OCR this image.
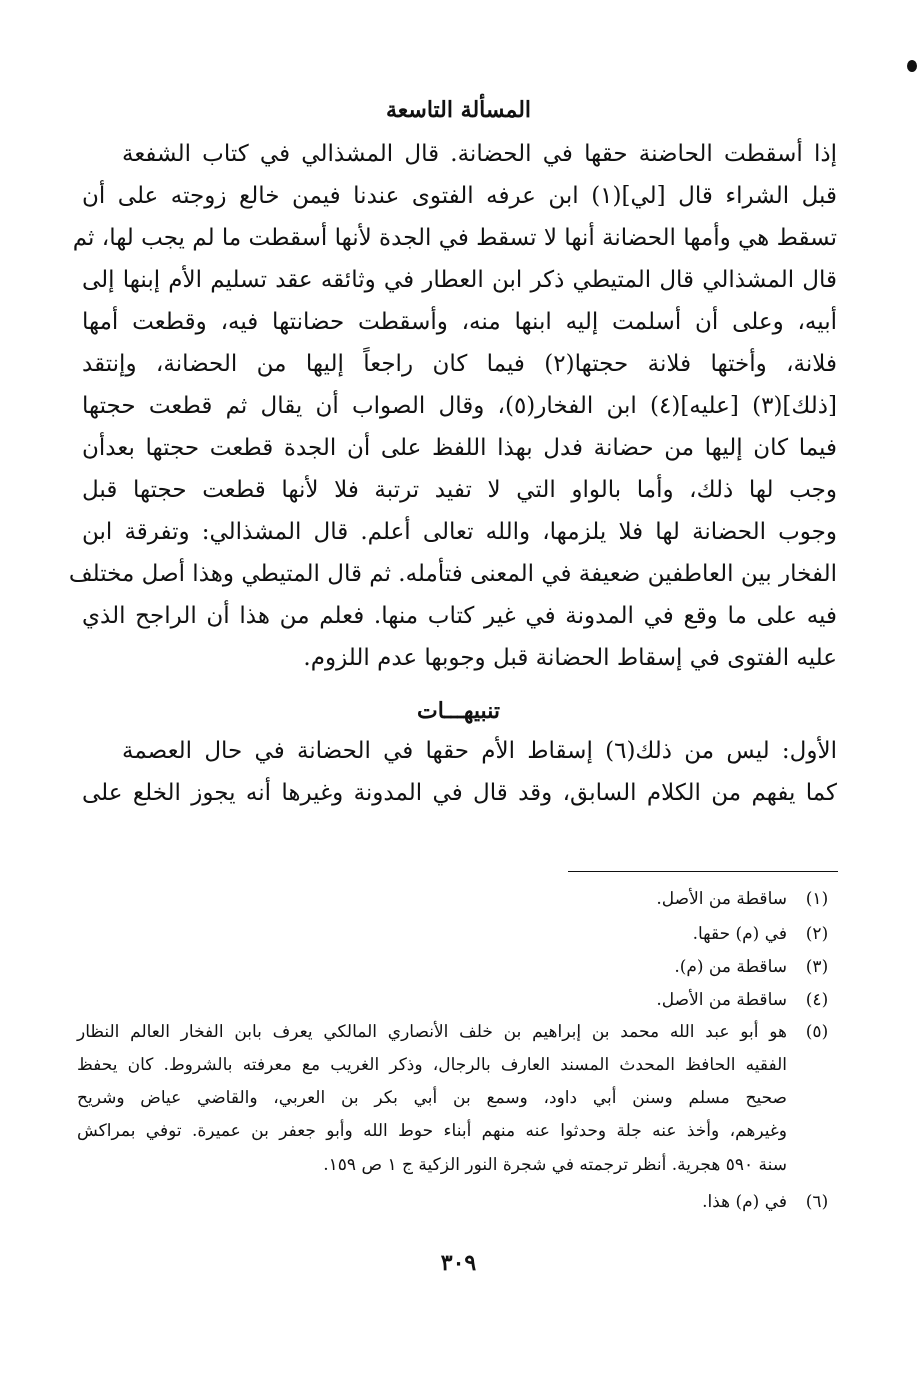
المسألة التاسعة
إذا أسقطت الحاضنة حقها في الحضانة. قال المشذالي في كتاب الشفعة
قبل الشراء قال [لي](١) ابن عرفه الفتوى عندنا فيمن خالع زوجته على أن
تسقط هي وأمها الحضانة أنها لا تسقط في الجدة لأنها أسقطت ما لم يجب لها، ثم
قال المشذالي قال المتيطي ذكر ابن العطار في وثائقه عقد تسليم الأم إبنها إلى
أبيه، وعلى أن أسلمت إليه ابنها منه، وأسقطت حضانتها فيه، وقطعت أمها
فلانة، وأختها فلانة حجتها(٢) فيما كان راجعاً إليها من الحضانة، وإنتقد
[ذلك](٣) [عليه](٤) ابن الفخار(٥)، وقال الصواب أن يقال ثم قطعت حجتها
فيما كان إليها من حضانة فدل بهذا اللفظ على أن الجدة قطعت حجتها بعدأن
وجب لها ذلك، وأما بالواو التي لا تفيد ترتبة فلا لأنها قطعت حجتها قبل
وجوب الحضانة لها فلا يلزمها، والله تعالى أعلم. قال المشذالي: وتفرقة ابن
الفخار بين العاطفين ضعيفة في المعنى فتأمله. ثم قال المتيطي وهذا أصل مختلف
فيه على ما وقع في المدونة في غير كتاب منها. فعلم من هذا أن الراجح الذي
عليه الفتوى في إسقاط الحضانة قبل وجوبها عدم اللزوم.
تنبيهـــات
الأول: ليس من ذلك(٦) إسقاط الأم حقها في الحضانة في حال العصمة
كما يفهم من الكلام السابق، وقد قال في المدونة وغيرها أنه يجوز الخلع على
(١)
ساقطة من الأصل.
(٢)
في (م) حقها.
(٣)
ساقطة من (م).
(٤)
ساقطة من الأصل.
(٥)
هو أبو عبد الله محمد بن إبراهيم بن خلف الأنصاري المالكي يعرف بابن الفخار العالم النظار
الفقيه الحافظ المحدث المسند العارف بالرجال، وذكر الغريب مع معرفته بالشروط. كان يحفظ
صحيح مسلم وسنن أبي داود، وسمع بن أبي بكر بن العربي، والقاضي عياض وشريح
وغيرهم، وأخذ عنه جلة وحدثوا عنه منهم أبناء حوط الله وأبو جعفر بن عميرة. توفي بمراكش
سنة ٥٩٠ هجرية. أنظر ترجمته في شجرة النور الزكية ج ١ ص ١٥٩.
(٦)
في (م) هذا.
٣٠٩
